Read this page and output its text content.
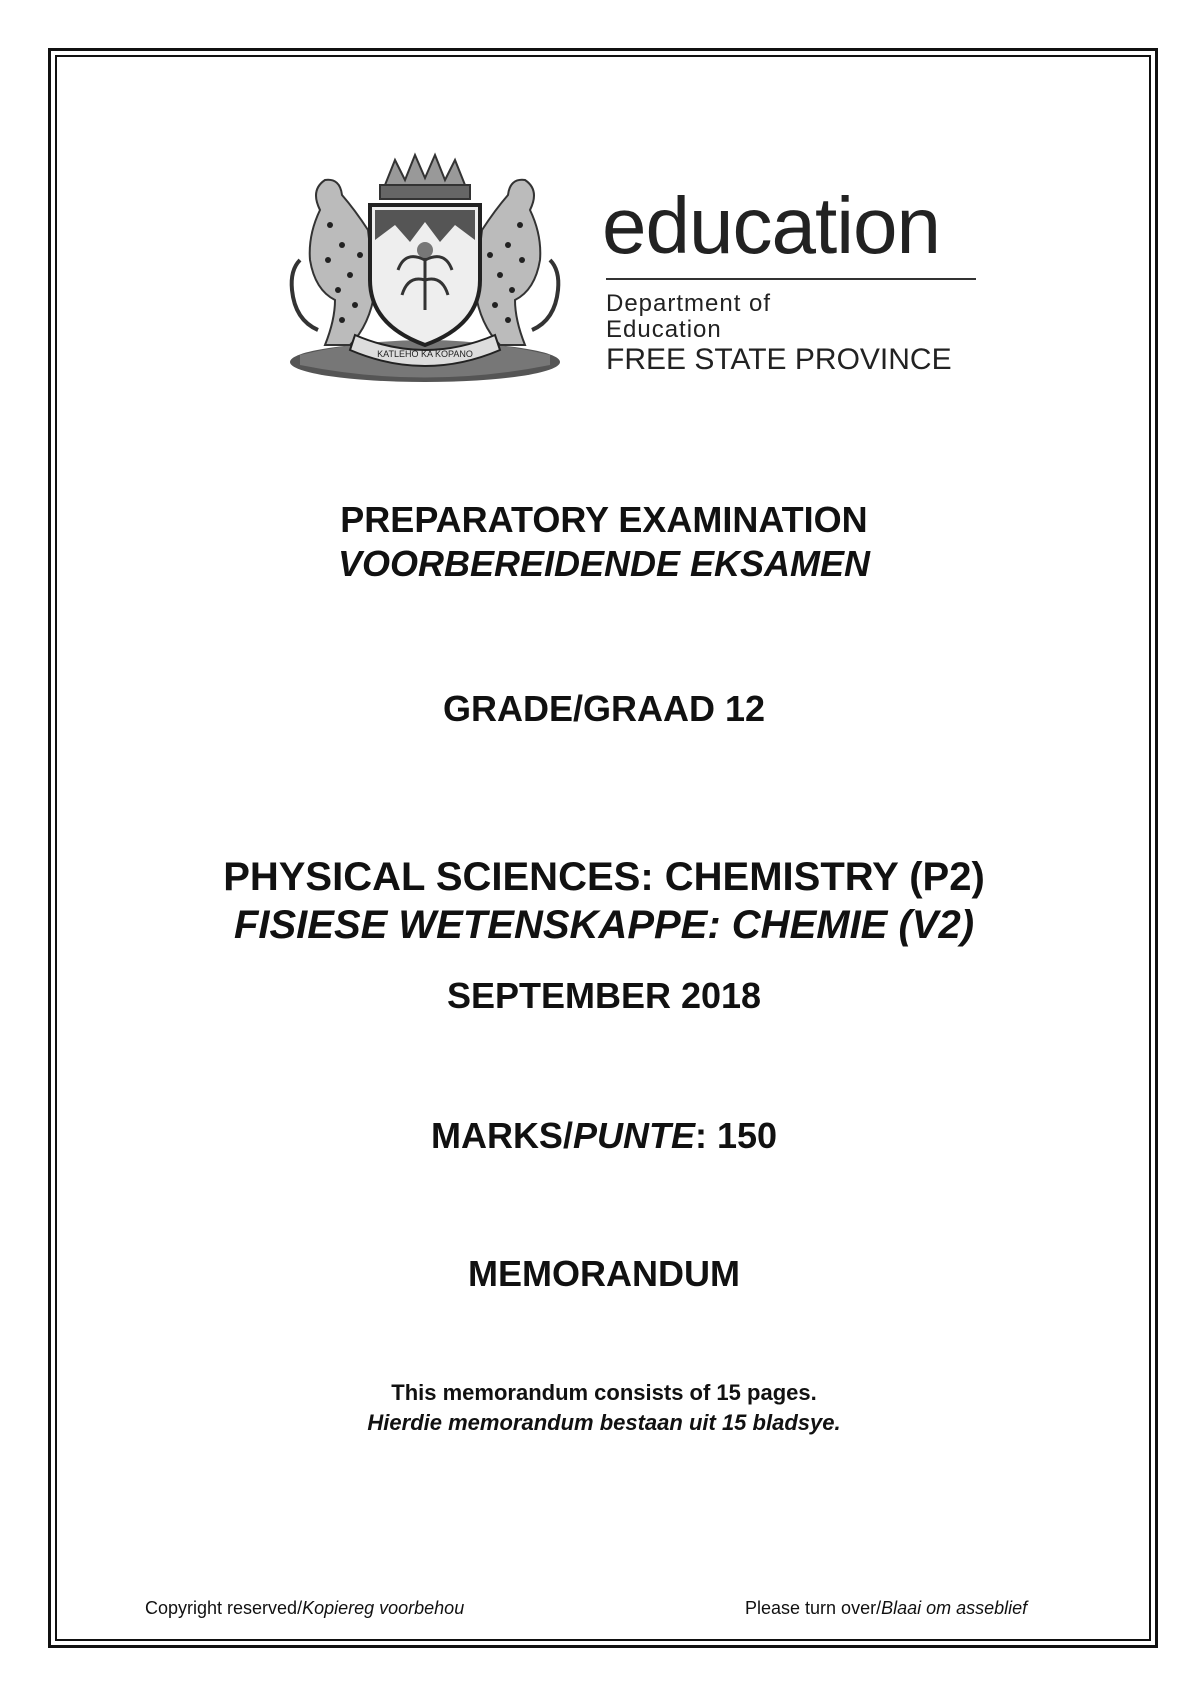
KATLEHO KA KOPANO
education
Department of
Education
FREE STATE PROVINCE
PREPARATORY EXAMINATION
VOORBEREIDENDE EKSAMEN
GRADE/GRAAD 12
PHYSICAL SCIENCES: CHEMISTRY (P2)
FISIESE WETENSKAPPE: CHEMIE (V2)
SEPTEMBER 2018
MARKS/PUNTE: 150
MEMORANDUM
This memorandum consists of 15 pages.
Hierdie memorandum bestaan uit 15 bladsye.
Copyright reserved/Kopiereg voorbehou	Please turn over/Blaai om asseblief
